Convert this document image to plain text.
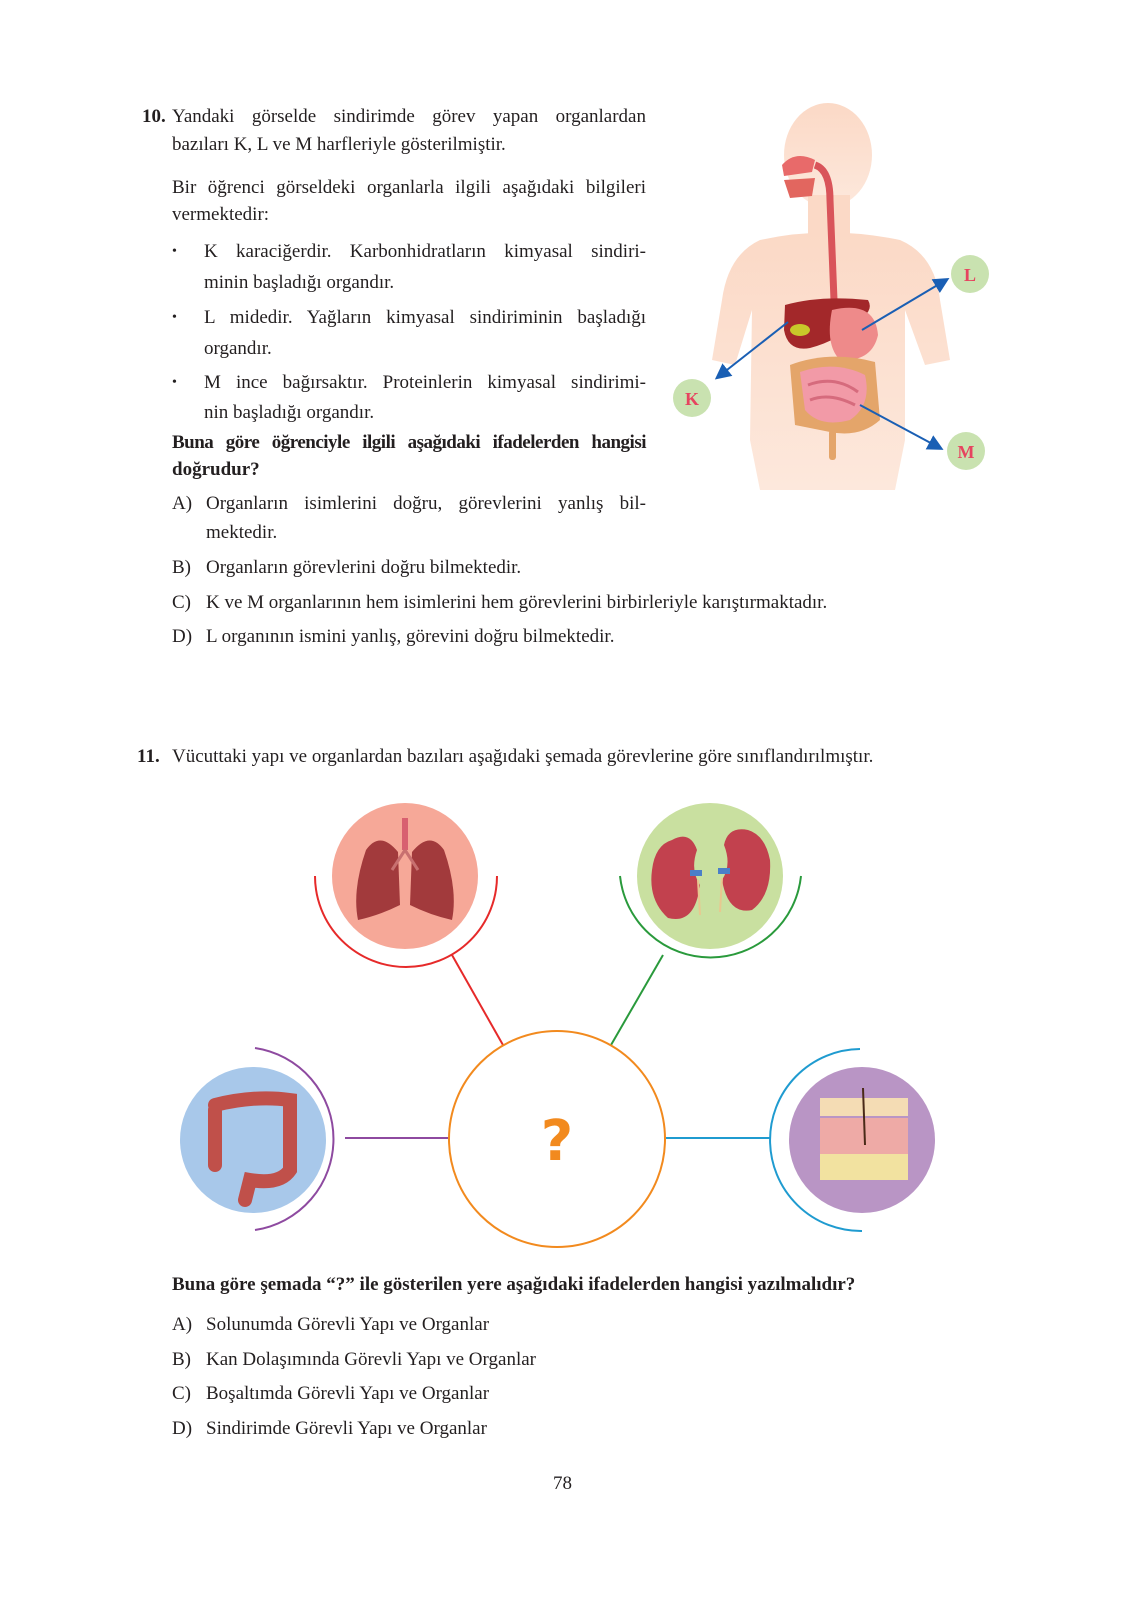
10. Yandaki görselde sindirimde görev yapan organlardan
bazıları K, L ve M harfleriyle gösterilmiştir.
Bir öğrenci görseldeki organlarla ilgili aşağıdaki bilgileri
vermektedir:
• K karaciğerdir. Karbonhidratların kimyasal sindiri-
minin başladığı organdır.
• L midedir. Yağların kimyasal sindiriminin başladığı
organdır.
• M ince bağırsaktır. Proteinlerin kimyasal sindirimi-
nin başladığı organdır.
Buna göre öğrenciyle ilgili aşağıdaki ifadelerden hangisi
doğrudur?
A) Organların isimlerini doğru, görevlerini yanlış bil-
mektedir.
B) Organların görevlerini doğru bilmektedir.
C) K ve M organlarının hem isimlerini hem görevlerini birbirleriyle karıştırmaktadır.
D) L organının ismini yanlış, görevini doğru bilmektedir.
L
K
M
11. Vücuttaki yapı ve organlardan bazıları aşağıdaki şemada görevlerine göre sınıflandırılmıştır.
?
Buna göre şemada “?” ile gösterilen yere aşağıdaki ifadelerden hangisi yazılmalıdır?
A) Solunumda Görevli Yapı ve Organlar
B) Kan Dolaşımında Görevli Yapı ve Organlar
C) Boşaltımda Görevli Yapı ve Organlar
D) Sindirimde Görevli Yapı ve Organlar
78
